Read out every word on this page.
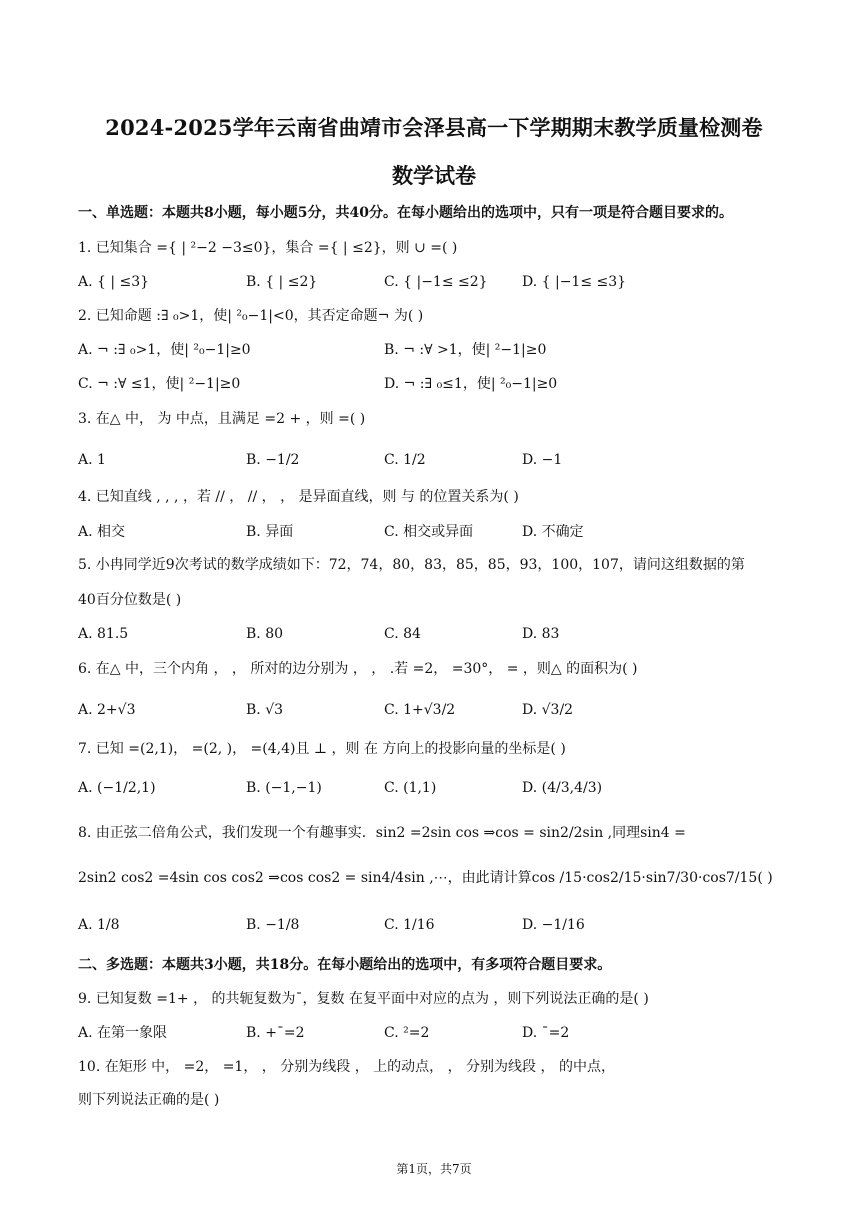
2024-2025学年云南省曲靖市会泽县高一下学期期末教学质量检测卷
数学试卷
一、单选题：本题共8小题，每小题5分，共40分。在每小题给出的选项中，只有一项是符合题目要求的。
1. 已知集合 ={ | ²−2 −3≤0}，集合 ={ | ≤2}，则 ∪ =( )
A. { | ≤3}	B. { | ≤2}	C. { |−1≤ ≤2} D. { |−1≤ ≤3}
2. 已知命题 :∃ ₀>1，使| ²₀−1|<0，其否定命题¬ 为( )
A. ¬ :∃ ₀>1，使| ²₀−1|≥0	B. ¬ :∀ >1，使| ²−1|≥0
C. ¬ :∀ ≤1，使| ²−1|≥0	D. ¬ :∃ ₀≤1，使| ²₀−1|≥0
3. 在△ 中， 为 中点，且满足 =2 + ，则 =( )
A. 1	B. −1/2	C. 1/2	D. −1
4. 已知直线 , , , ，若 // ， // ， ， 是异面直线，则 与 的位置关系为( )
A. 相交	B. 异面	C. 相交或异面	D. 不确定
5. 小冉同学近9次考试的数学成绩如下：72，74，80，83，85，85，93，100，107，请问这组数据的第
40百分位数是( )
A. 81.5	B. 80	C. 84	D. 83
6. 在△ 中，三个内角 ， ， 所对的边分别为 ， ， .若 =2， =30°， = ，则△ 的面积为( )
A. 2+√3	B. √3	C. 1+√3/2	D. √3/2
7. 已知 =(2,1)， =(2, )， =(4,4)且 ⊥ ，则 在 方向上的投影向量的坐标是( )
A. (−1/2,1)	B. (−1,−1)	C. (1,1)	D. (4/3,4/3)
8. 由正弦二倍角公式，我们发现一个有趣事实．sin2 =2sin cos ⇒cos = sin2/2sin ,同理sin4 =
2sin2 cos2 =4sin cos cos2 ⇒cos cos2 = sin4/4sin ,⋯，由此请计算cos /15·cos2/15·sin7/30·cos7/15( )
A. 1/8	B. −1/8	C. 1/16	D. −1/16
二、多选题：本题共3小题，共18分。在每小题给出的选项中，有多项符合题目要求。
9. 已知复数 =1+ ， 的共轭复数为¯，复数 在复平面中对应的点为 ，则下列说法正确的是( )
A. 在第一象限	B. +¯=2	C. ²=2	D. ¯=2
10. 在矩形 中， =2， =1， ， 分别为线段 ， 上的动点， ， 分别为线段 ， 的中点，
则下列说法正确的是( )
第1页，共7页
